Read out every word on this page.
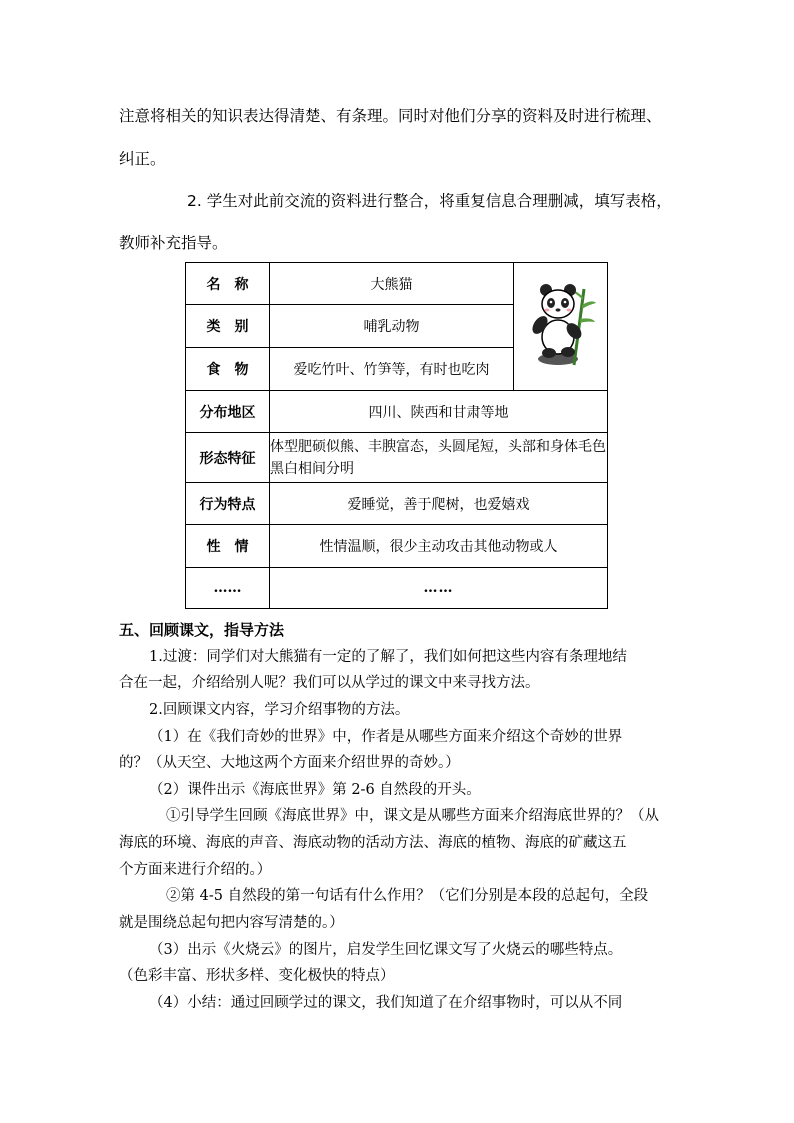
注意将相关的知识表达得清楚、有条理。同时对他们分享的资料及时进行梳理、
纠正。
2. 学生对此前交流的资料进行整合，将重复信息合理删减，填写表格，
教师补充指导。
名　称	大熊猫	
类　别	哺乳动物	
食　物	爱吃竹叶、竹笋等，有时也吃肉	
分布地区	四川、陕西和甘肃等地	
形态特征	体型肥硕似熊、丰腴富态，头圆尾短，头部和身体毛色黑白相间分明	
行为特点	爱睡觉，善于爬树，也爱嬉戏	
性　情	性情温顺，很少主动攻击其他动物或人	
……	……	
五、回顾课文，指导方法
1.过渡：同学们对大熊猫有一定的了解了，我们如何把这些内容有条理地结
合在一起，介绍给别人呢？我们可以从学过的课文中来寻找方法。
2.回顾课文内容，学习介绍事物的方法。
（1）在《我们奇妙的世界》中，作者是从哪些方面来介绍这个奇妙的世界
的？（从天空、大地这两个方面来介绍世界的奇妙。）
（2）课件出示《海底世界》第 2-6 自然段的开头。
①引导学生回顾《海底世界》中，课文是从哪些方面来介绍海底世界的？（从
海底的环境、海底的声音、海底动物的活动方法、海底的植物、海底的矿藏这五
个方面来进行介绍的。）
②第 4-5 自然段的第一句话有什么作用？（它们分别是本段的总起句，全段
就是围绕总起句把内容写清楚的。）
（3）出示《火烧云》的图片，启发学生回忆课文写了火烧云的哪些特点。
（色彩丰富、形状多样、变化极快的特点）
（4）小结：通过回顾学过的课文，我们知道了在介绍事物时，可以从不同
